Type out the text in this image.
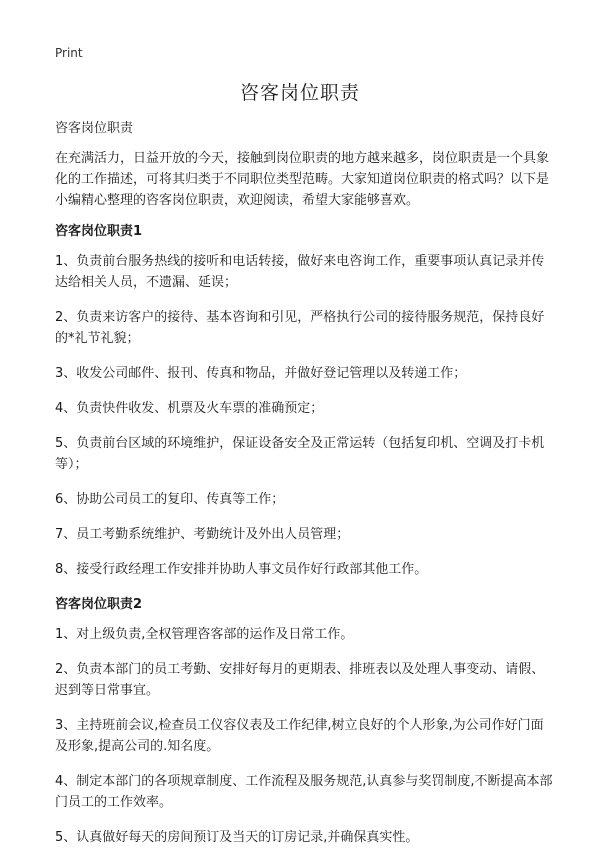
Print
咨客岗位职责

咨客岗位职责

在充满活力，日益开放的今天，接触到岗位职责的地方越来越多，岗位职责是一个具象化的工作描述，可将其归类于不同职位类型范畴。大家知道岗位职责的格式吗？以下是小编精心整理的咨客岗位职责，欢迎阅读，希望大家能够喜欢。

咨客岗位职责1

1、负责前台服务热线的接听和电话转接，做好来电咨询工作，重要事项认真记录并传达给相关人员，不遗漏、延误；

2、负责来访客户的接待、基本咨询和引见，严格执行公司的接待服务规范，保持良好的*礼节礼貌；

3、收发公司邮件、报刊、传真和物品，并做好登记管理以及转递工作；

4、负责快件收发、机票及火车票的准确预定；

5、负责前台区域的环境维护，保证设备安全及正常运转（包括复印机、空调及打卡机等）；

6、协助公司员工的复印、传真等工作；

7、员工考勤系统维护、考勤统计及外出人员管理；

8、接受行政经理工作安排并协助人事文员作好行政部其他工作。

咨客岗位职责2

1、对上级负责,全权管理咨客部的运作及日常工作。

2、负责本部门的员工考勤、安排好每月的更期表、排班表以及处理人事变动、请假、迟到等日常事宜。

3、主持班前会议,检查员工仪容仪表及工作纪律,树立良好的个人形象,为公司作好门面及形象,提高公司的.知名度。

4、制定本部门的各项规章制度、工作流程及服务规范,认真参与奖罚制度,不断提高本部门员工的工作效率。

5、认真做好每天的房间预订及当天的订房记录,并确保真实性。
